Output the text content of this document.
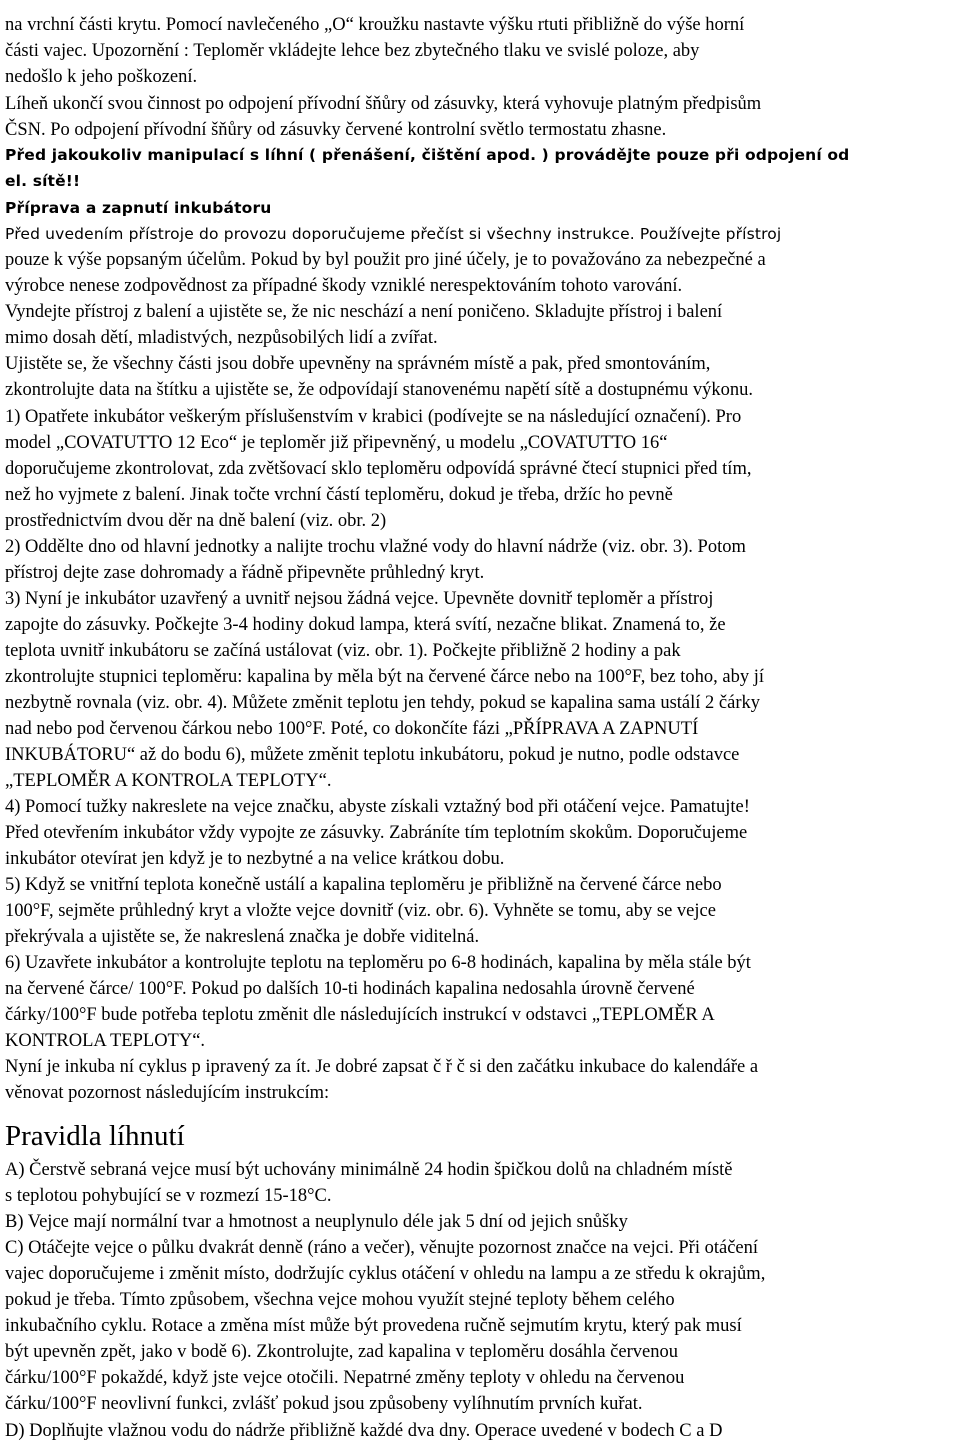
na vrchní části krytu. Pomocí navlečeného „O“ kroužku nastavte výšku rtuti přibližně do výše horní
části vajec. Upozornění : Teploměr vkládejte lehce bez zbytečného tlaku ve svislé poloze, aby
nedošlo k jeho poškození.
Líheň ukončí svou činnost po odpojení přívodní šňůry od zásuvky, která vyhovuje platným předpisům
ČSN. Po odpojení přívodní šňůry od zásuvky červené kontrolní světlo termostatu zhasne.
Před jakoukoliv manipulací s líhní ( přenášení, čištění apod. ) provádějte pouze při odpojení od
el. sítě!!
Příprava a zapnutí inkubátoru
Před uvedením přístroje do provozu doporučujeme přečíst si všechny instrukce. Používejte přístroj
pouze k výše popsaným účelům. Pokud by byl použit pro jiné účely, je to považováno za nebezpečné a
výrobce nenese zodpovědnost za případné škody vzniklé nerespektováním tohoto varování.
Vyndejte přístroj z balení a ujistěte se, že nic neschází a není poničeno. Skladujte přístroj i balení
mimo dosah dětí, mladistvých, nezpůsobilých lidí a zvířat.
Ujistěte se, že všechny části jsou dobře upevněny na správném místě a pak, před smontováním,
zkontrolujte data na štítku a ujistěte se, že odpovídají stanovenému napětí sítě a dostupnému výkonu.
1) Opatřete inkubátor veškerým příslušenstvím v krabici (podívejte se na následující označení). Pro
model „COVATUTTO 12 Eco“ je teploměr již připevněný, u modelu „COVATUTTO 16“
doporučujeme zkontrolovat, zda zvětšovací sklo teploměru odpovídá správné čtecí stupnici před tím,
než ho vyjmete z balení. Jinak točte vrchní částí teploměru, dokud je třeba, držíc ho pevně
prostřednictvím dvou děr na dně balení (viz. obr. 2)
2) Oddělte dno od hlavní jednotky a nalijte trochu vlažné vody do hlavní nádrže (viz. obr. 3). Potom
přístroj dejte zase dohromady a řádně připevněte průhledný kryt.
3) Nyní je inkubátor uzavřený a uvnitř nejsou žádná vejce. Upevněte dovnitř teploměr a přístroj
zapojte do zásuvky. Počkejte 3-4 hodiny dokud lampa, která svítí, nezačne blikat. Znamená to, že
teplota uvnitř inkubátoru se začíná ustálovat (viz. obr. 1). Počkejte přibližně 2 hodiny a pak
zkontrolujte stupnici teploměru: kapalina by měla být na červené čárce nebo na 100°F, bez toho, aby jí
nezbytně rovnala (viz. obr. 4). Můžete změnit teplotu jen tehdy, pokud se kapalina sama ustálí 2 čárky
nad nebo pod červenou čárkou nebo 100°F. Poté, co dokončíte fázi „PŘÍPRAVA A ZAPNUTÍ
INKUBÁTORU“ až do bodu 6), můžete změnit teplotu inkubátoru, pokud je nutno, podle odstavce
„TEPLOMĚR A KONTROLA TEPLOTY“.
4) Pomocí tužky nakreslete na vejce značku, abyste získali vztažný bod při otáčení vejce. Pamatujte!
Před otevřením inkubátor vždy vypojte ze zásuvky. Zabráníte tím teplotním skokům. Doporučujeme
inkubátor otevírat jen když je to nezbytné a na velice krátkou dobu.
5) Když se vnitřní teplota konečně ustálí a kapalina teploměru je přibližně na červené čárce nebo
100°F, sejměte průhledný kryt a vložte vejce dovnitř (viz. obr. 6). Vyhněte se tomu, aby se vejce
překrývala a ujistěte se, že nakreslená značka je dobře viditelná.
6) Uzavřete inkubátor a kontrolujte teplotu na teploměru po 6-8 hodinách, kapalina by měla stále být
na červené čárce/ 100°F. Pokud po dalších 10-ti hodinách kapalina nedosahla úrovně červené
čárky/100°F bude potřeba teplotu změnit dle následujících instrukcí v odstavci „TEPLOMĚR A
KONTROLA TEPLOTY“.
Nyní je inkuba ní cyklus p ipravený za ít. Je dobré zapsat č ř č si den začátku inkubace do kalendáře a
věnovat pozornost následujícím instrukcím:
Pravidla líhnutí
A) Čerstvě sebraná vejce musí být uchovány minimálně 24 hodin špičkou dolů na chladném místě
s teplotou pohybující se v rozmezí 15-18°C.
B) Vejce mají normální tvar a hmotnost a neuplynulo déle jak 5 dní od jejich snůšky
C) Otáčejte vejce o půlku dvakrát denně (ráno a večer), věnujte pozornost značce na vejci. Při otáčení
vajec doporučujeme i změnit místo, dodržujíc cyklus otáčení v ohledu na lampu a ze středu k okrajům,
pokud je třeba. Tímto způsobem, všechna vejce mohou využít stejné teploty během celého
inkubačního cyklu. Rotace a změna míst může být provedena ručně sejmutím krytu, který pak musí
být upevněn zpět, jako v bodě 6). Zkontrolujte, zad kapalina v teploměru dosáhla červenou
čárku/100°F pokaždé, když jste vejce otočili. Nepatrné změny teploty v ohledu na červenou
čárku/100°F neovlivní funkci, zvlášť pokud jsou způsobeny vylíhnutím prvních kuřat.
D) Doplňujte vlažnou vodu do nádrže přibližně každé dva dny. Operace uvedené v bodech C a D
